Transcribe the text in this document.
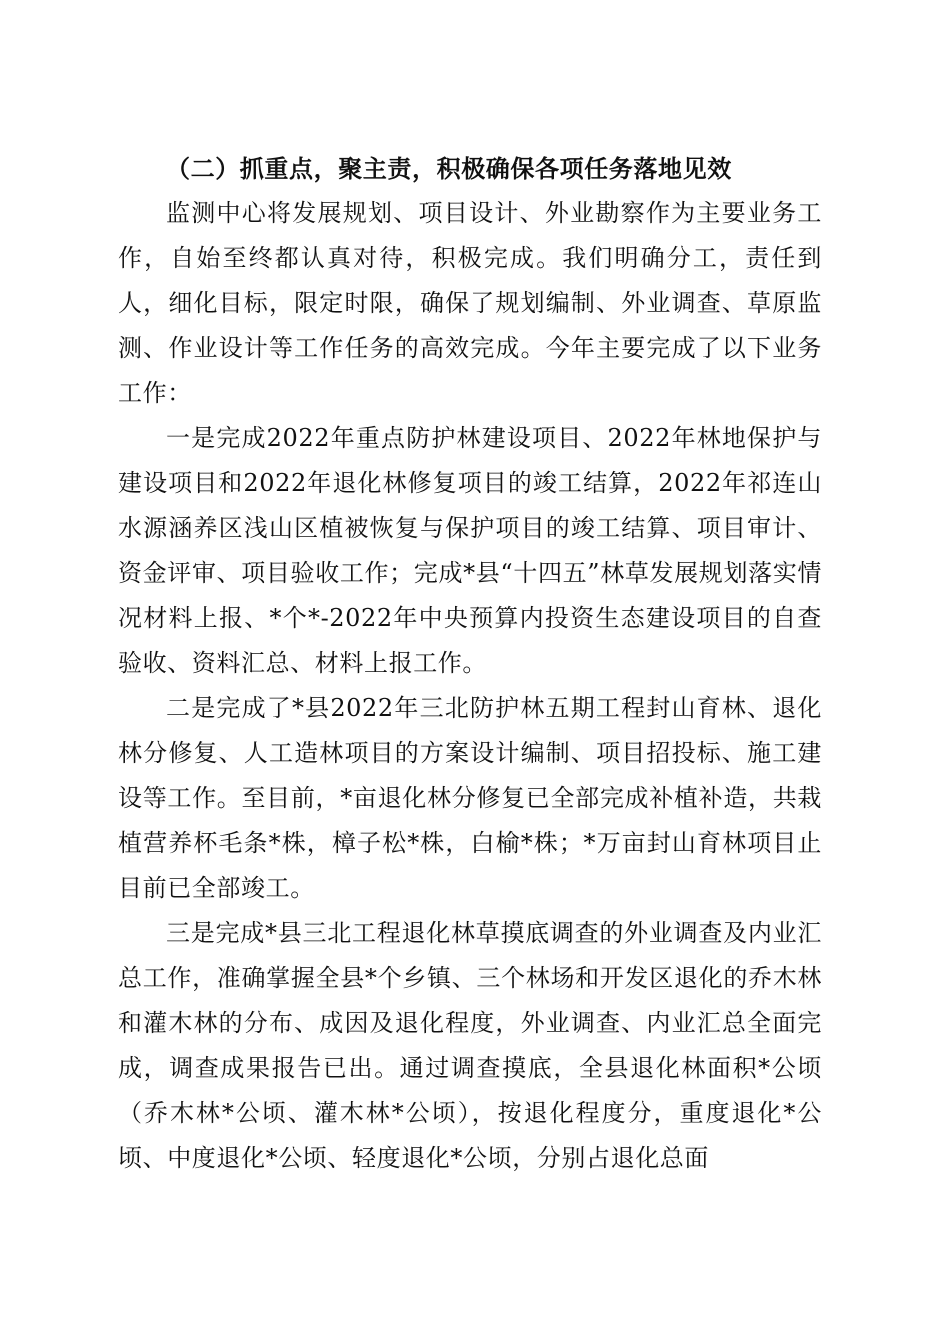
（二）抓重点，聚主责，积极确保各项任务落地见效

监测中心将发展规划、项目设计、外业勘察作为主要业务工作，自始至终都认真对待，积极完成。我们明确分工，责任到人，细化目标，限定时限，确保了规划编制、外业调查、草原监测、作业设计等工作任务的高效完成。今年主要完成了以下业务工作：

一是完成2022年重点防护林建设项目、2022年林地保护与建设项目和2022年退化林修复项目的竣工结算，2022年祁连山水源涵养区浅山区植被恢复与保护项目的竣工结算、项目审计、资金评审、项目验收工作；完成*县“十四五”林草发展规划落实情况材料上报、*个*-2022年中央预算内投资生态建设项目的自查验收、资料汇总、材料上报工作。

二是完成了*县2022年三北防护林五期工程封山育林、退化林分修复、人工造林项目的方案设计编制、项目招投标、施工建设等工作。至目前，*亩退化林分修复已全部完成补植补造，共栽植营养杯毛条*株，樟子松*株，白榆*株；*万亩封山育林项目止目前已全部竣工。

三是完成*县三北工程退化林草摸底调查的外业调查及内业汇总工作，准确掌握全县*个乡镇、三个林场和开发区退化的乔木林和灌木林的分布、成因及退化程度，外业调查、内业汇总全面完成，调查成果报告已出。通过调查摸底，全县退化林面积*公顷（乔木林*公顷、灌木林*公顷），按退化程度分，重度退化*公顷、中度退化*公顷、轻度退化*公顷，分别占退化总面
